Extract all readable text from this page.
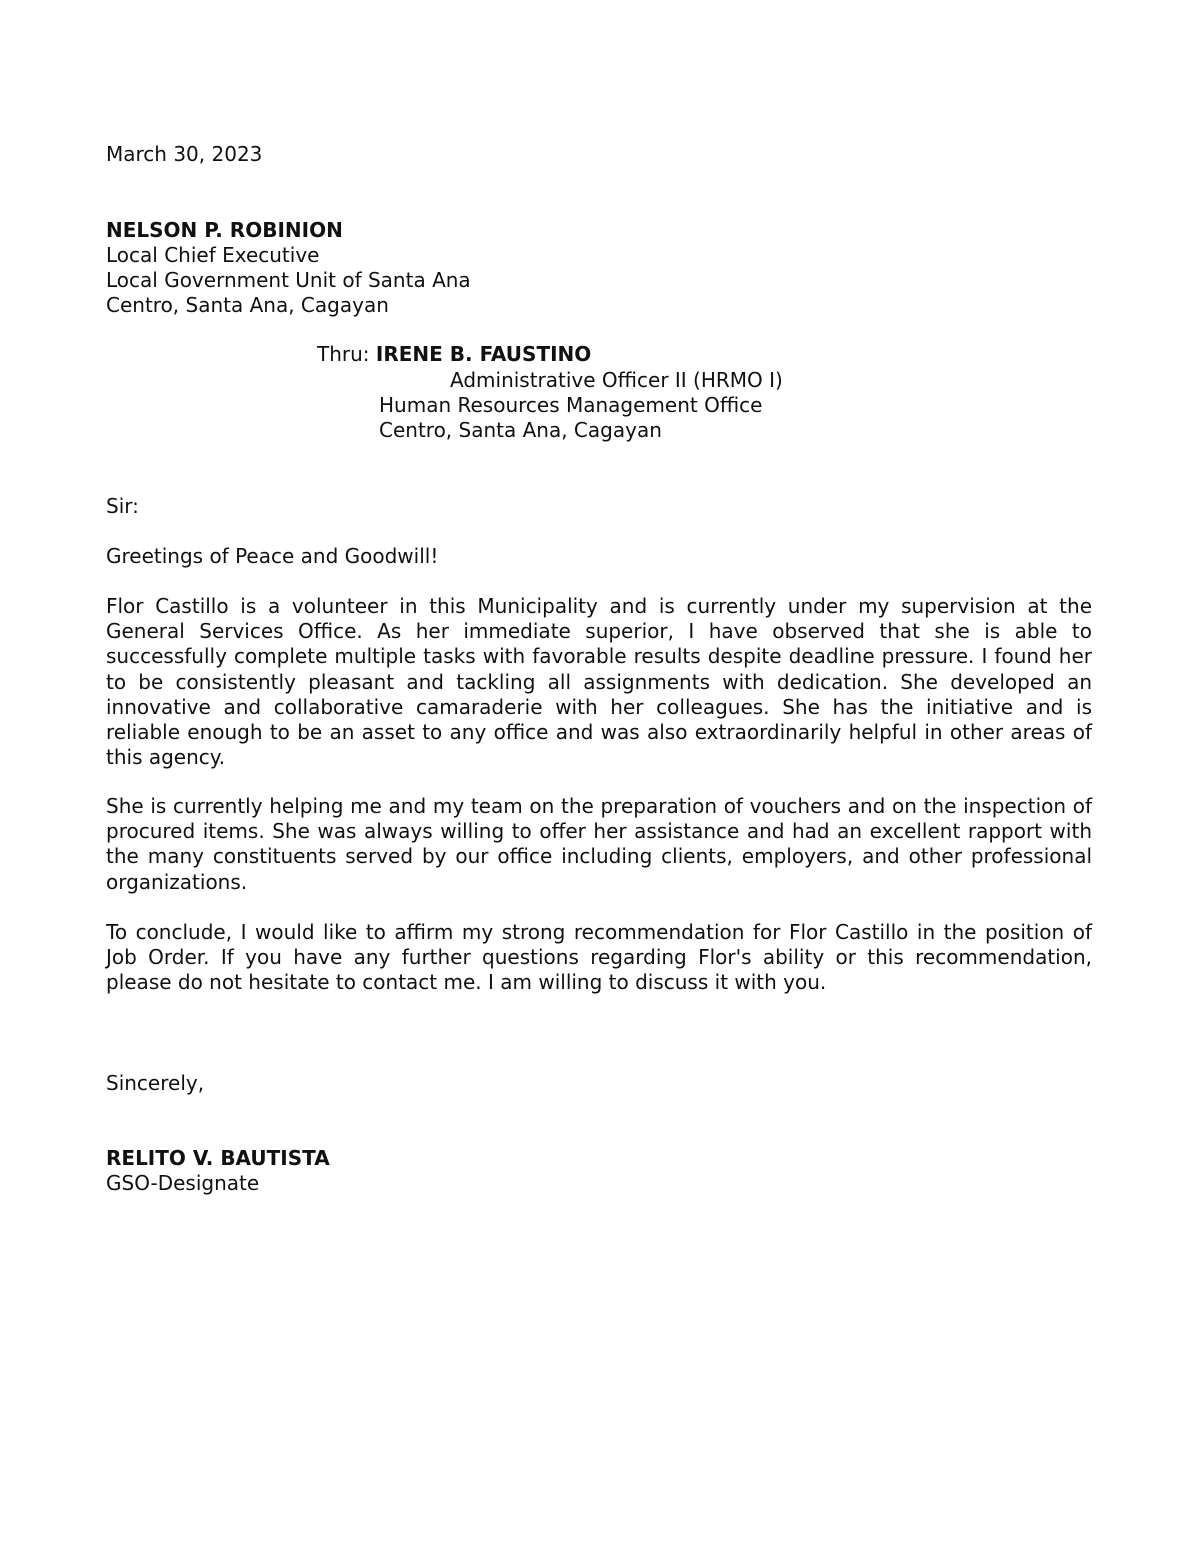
March 30, 2023
NELSON P. ROBINION
Local Chief Executive
Local Government Unit of Santa Ana
Centro, Santa Ana, Cagayan
Thru: IRENE B. FAUSTINO
Administrative Officer II (HRMO I)
Human Resources Management Office
Centro, Santa Ana, Cagayan
Sir:
Greetings of Peace and Goodwill!
Flor Castillo is a volunteer in this Municipality and is currently under my supervision at the General Services Office. As her immediate superior, I have observed that she is able to successfully complete multiple tasks with favorable results despite deadline pressure. I found her to be consistently pleasant and tackling all assignments with dedication. She developed an innovative and collaborative camaraderie with her colleagues. She has the initiative and is reliable enough to be an asset to any office and was also extraordinarily helpful in other areas of this agency.
She is currently helping me and my team on the preparation of vouchers and on the inspection of procured items. She was always willing to offer her assistance and had an excellent rapport with the many constituents served by our office including clients, employers, and other professional organizations.
To conclude, I would like to affirm my strong recommendation for Flor Castillo in the position of Job Order. If you have any further questions regarding Flor's ability or this recommendation, please do not hesitate to contact me. I am willing to discuss it with you.
Sincerely,
RELITO V. BAUTISTA
GSO-Designate
